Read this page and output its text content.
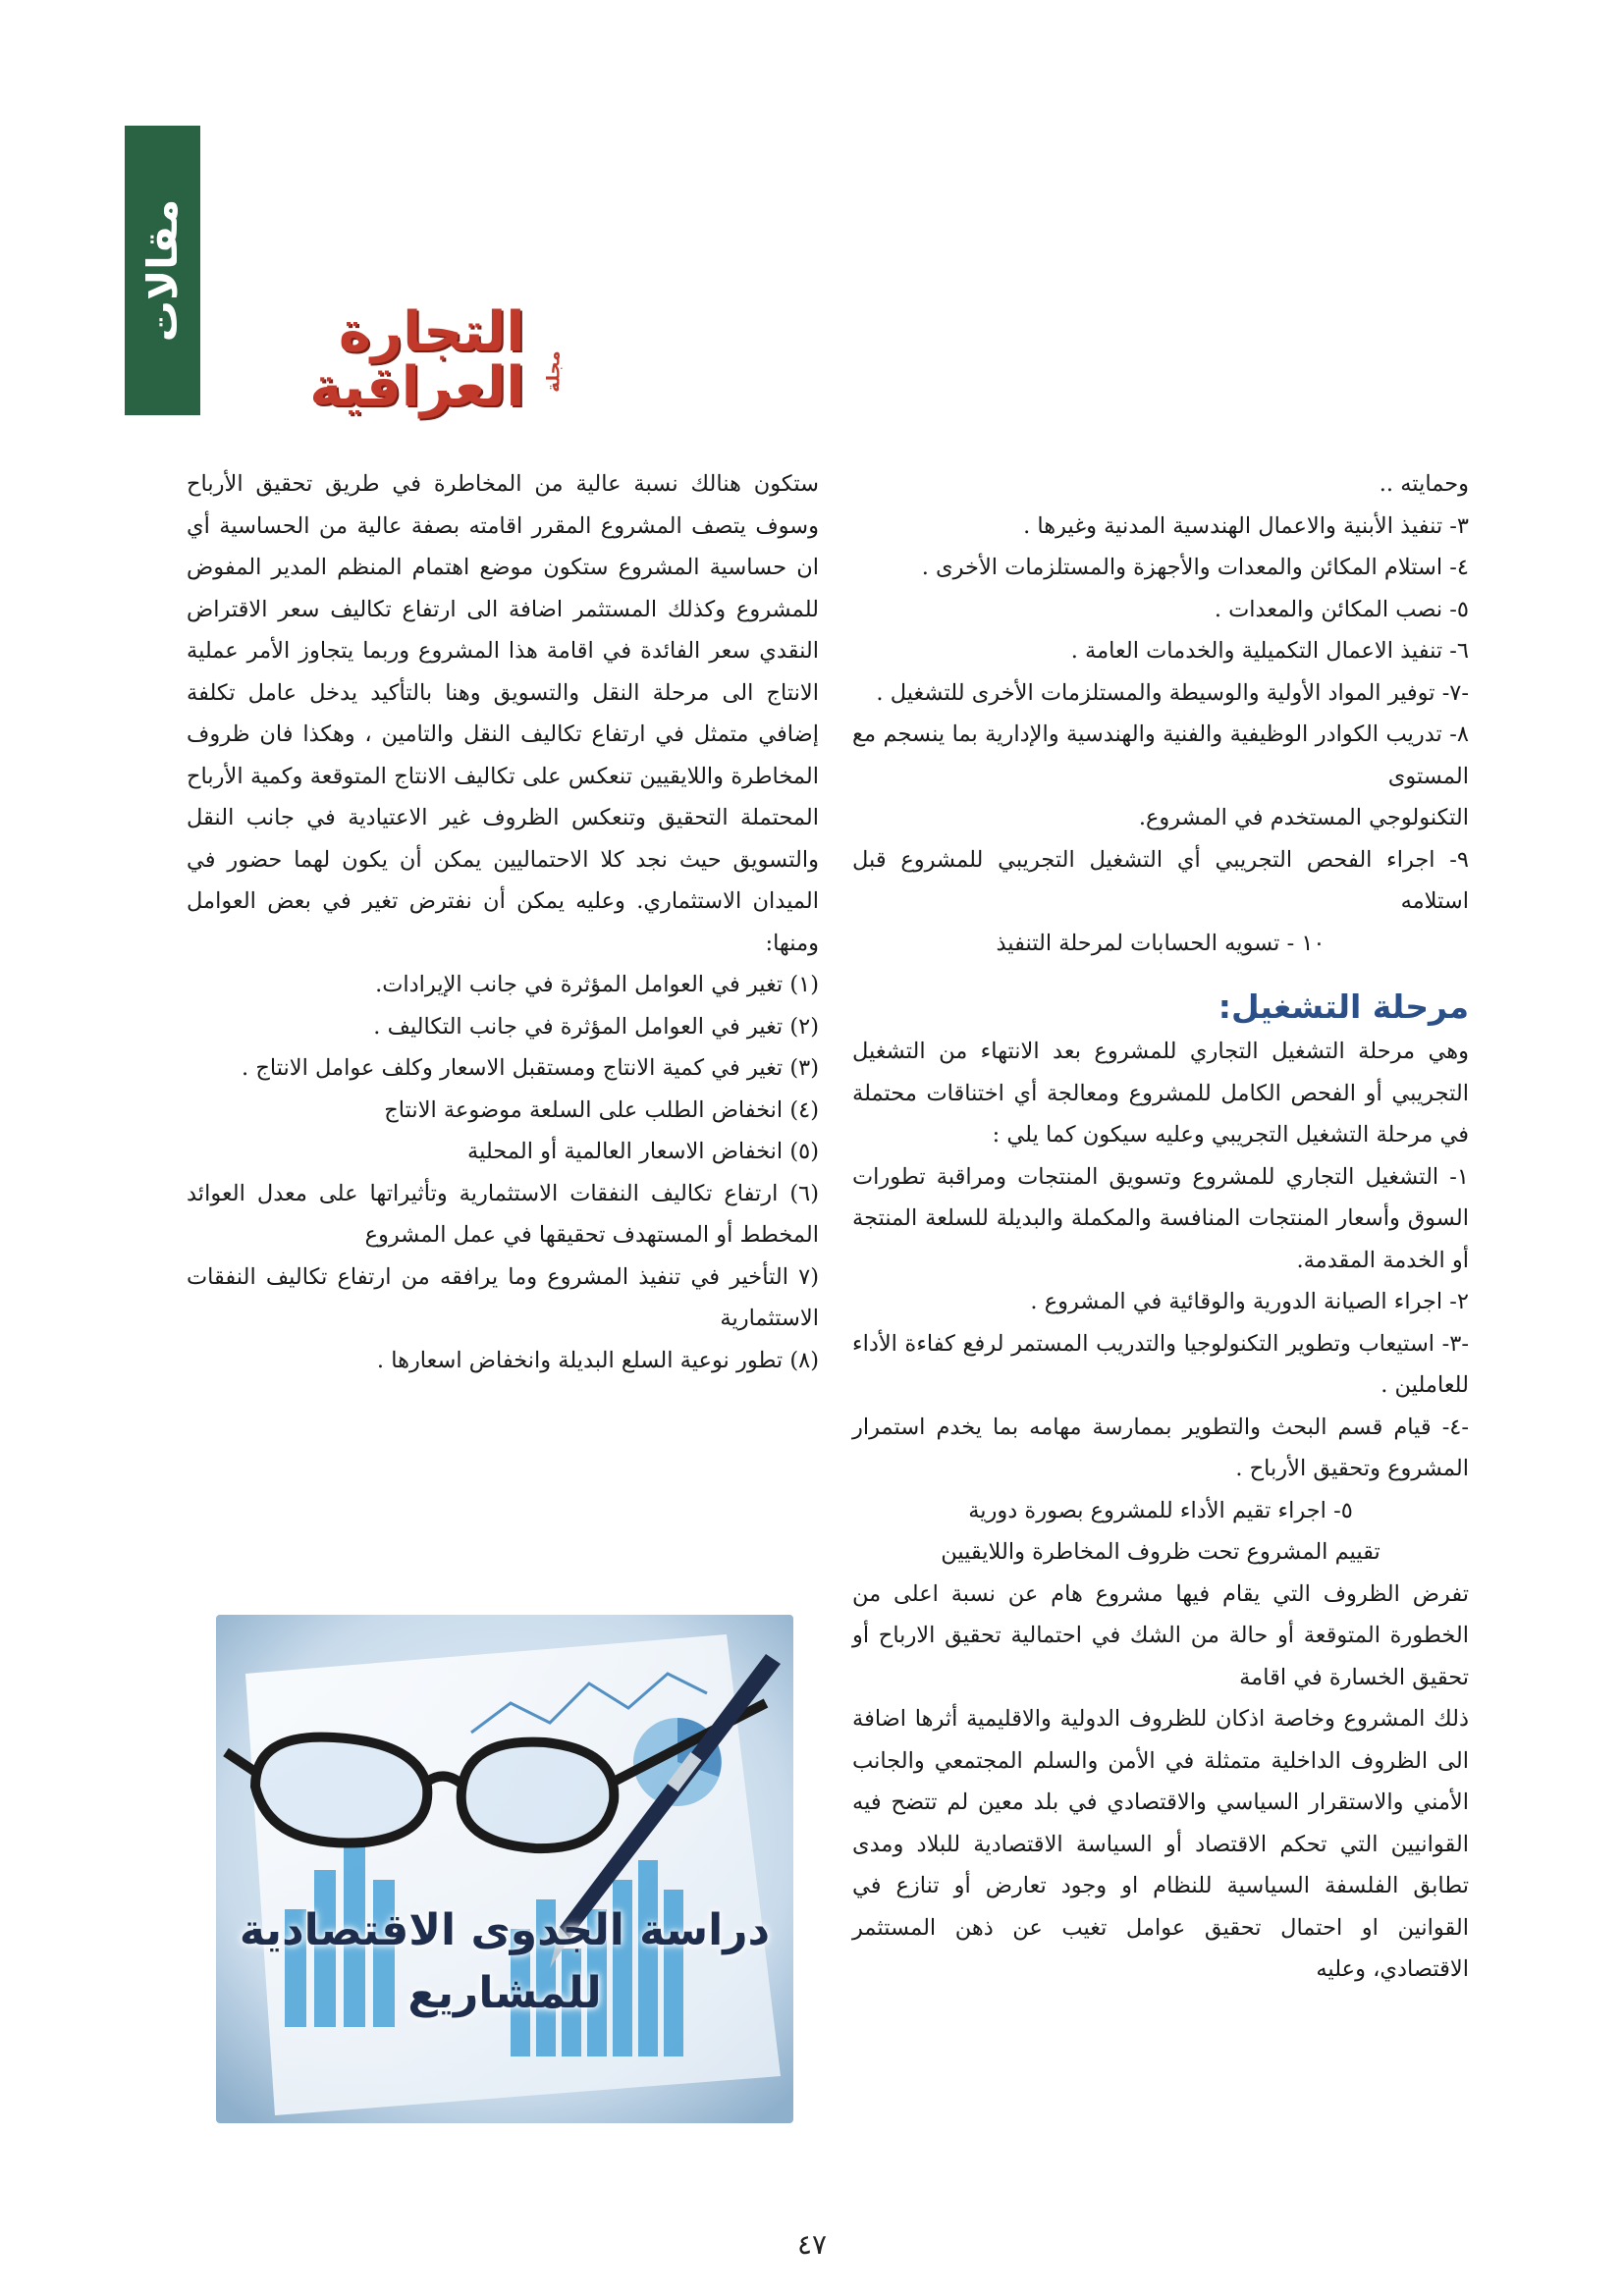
مقالات
مجلة
التجارة العراقية

وحمايته ..

٣- تنفيذ الأبنية والاعمال الهندسية المدنية وغيرها .

٤- استلام المكائن والمعدات والأجهزة والمستلزمات الأخرى .

٥- نصب المكائن والمعدات .

٦- تنفيذ الاعمال التكميلية والخدمات العامة .

-٧- توفير المواد الأولية والوسيطة والمستلزمات الأخرى للتشغيل .

٨- تدريب الكوادر الوظيفية والفنية والهندسية والإدارية بما ينسجم مع المستوى

التكنولوجي المستخدم في المشروع.

٩- اجراء الفحص التجريبي أي التشغيل التجريبي للمشروع قبل استلامه

١٠ - تسويه الحسابات لمرحلة التنفيذ

مرحلة التشغيل:

وهي مرحلة التشغيل التجاري للمشروع بعد الانتهاء من التشغيل التجريبي أو الفحص الكامل للمشروع ومعالجة أي اختناقات محتملة في مرحلة التشغيل التجريبي وعليه سيكون كما يلي :

١- التشغيل التجاري للمشروع وتسويق المنتجات ومراقبة تطورات السوق وأسعار المنتجات المنافسة والمكملة والبديلة للسلعة المنتجة أو الخدمة المقدمة.

٢- اجراء الصيانة الدورية والوقائية في المشروع .

-٣- استيعاب وتطوير التكنولوجيا والتدريب المستمر لرفع كفاءة الأداء للعاملين .

-٤- قيام قسم البحث والتطوير بممارسة مهامه بما يخدم استمرار المشروع وتحقيق الأرباح .

٥- اجراء تقيم الأداء للمشروع بصورة دورية

تقييم المشروع تحت ظروف المخاطرة واللايقيين

تفرض الظروف التي يقام فيها مشروع هام عن نسبة اعلى من الخطورة المتوقعة أو حالة من الشك في احتمالية تحقيق الارباح أو تحقيق الخسارة في اقامة

ذلك المشروع وخاصة اذكان للظروف الدولية والاقليمية أثرها اضافة الى الظروف الداخلية متمثلة في الأمن والسلم المجتمعي والجانب الأمني والاستقرار السياسي والاقتصادي في بلد معين لم تتضح فيه القوانيين التي تحكم الاقتصاد أو السياسة الاقتصادية للبلاد ومدى تطابق الفلسفة السياسية للنظام او وجود تعارض أو تنازع في القوانين او احتمال تحقيق عوامل تغيب عن ذهن المستثمر الاقتصادي، وعليه

ستكون هنالك نسبة عالية من المخاطرة في طريق تحقيق الأرباح وسوف يتصف المشروع المقرر اقامته بصفة عالية من الحساسية أي ان حساسية المشروع ستكون موضع اهتمام المنظم المدير المفوض للمشروع وكذلك المستثمر اضافة الى ارتفاع تكاليف سعر الاقتراض النقدي سعر الفائدة في اقامة هذا المشروع وربما يتجاوز الأمر عملية الانتاج الى مرحلة النقل والتسويق وهنا بالتأكيد يدخل عامل تكلفة إضافي متمثل في ارتفاع تكاليف النقل والتامين ، وهكذا فان ظروف المخاطرة واللايقيين تنعكس على تكاليف الانتاج المتوقعة وكمية الأرباح المحتملة التحقيق وتنعكس الظروف غير الاعتيادية في جانب النقل والتسويق حيث نجد كلا الاحتماليين يمكن أن يكون لهما حضور في الميدان الاستثماري. وعليه يمكن أن نفترض تغير في بعض العوامل ومنها:

(١) تغير في العوامل المؤثرة في جانب الإيرادات.

(٢) تغير في العوامل المؤثرة في جانب التكاليف .

(٣) تغير في كمية الانتاج ومستقبل الاسعار وكلف عوامل الانتاج .

(٤) انخفاض الطلب على السلعة موضوعة الانتاج

(٥) انخفاض الاسعار العالمية أو المحلية

(٦) ارتفاع تكاليف النفقات الاستثمارية وتأثيراتها على معدل العوائد المخطط أو المستهدف تحقيقها في عمل المشروع

(٧ التأخير في تنفيذ المشروع وما يرافقه من ارتفاع تكاليف النفقات الاستثمارية

(٨) تطور نوعية السلع البديلة وانخفاض اسعارها .

دراسة الجدوى الاقتصادية
للمشاريع
٤٧
